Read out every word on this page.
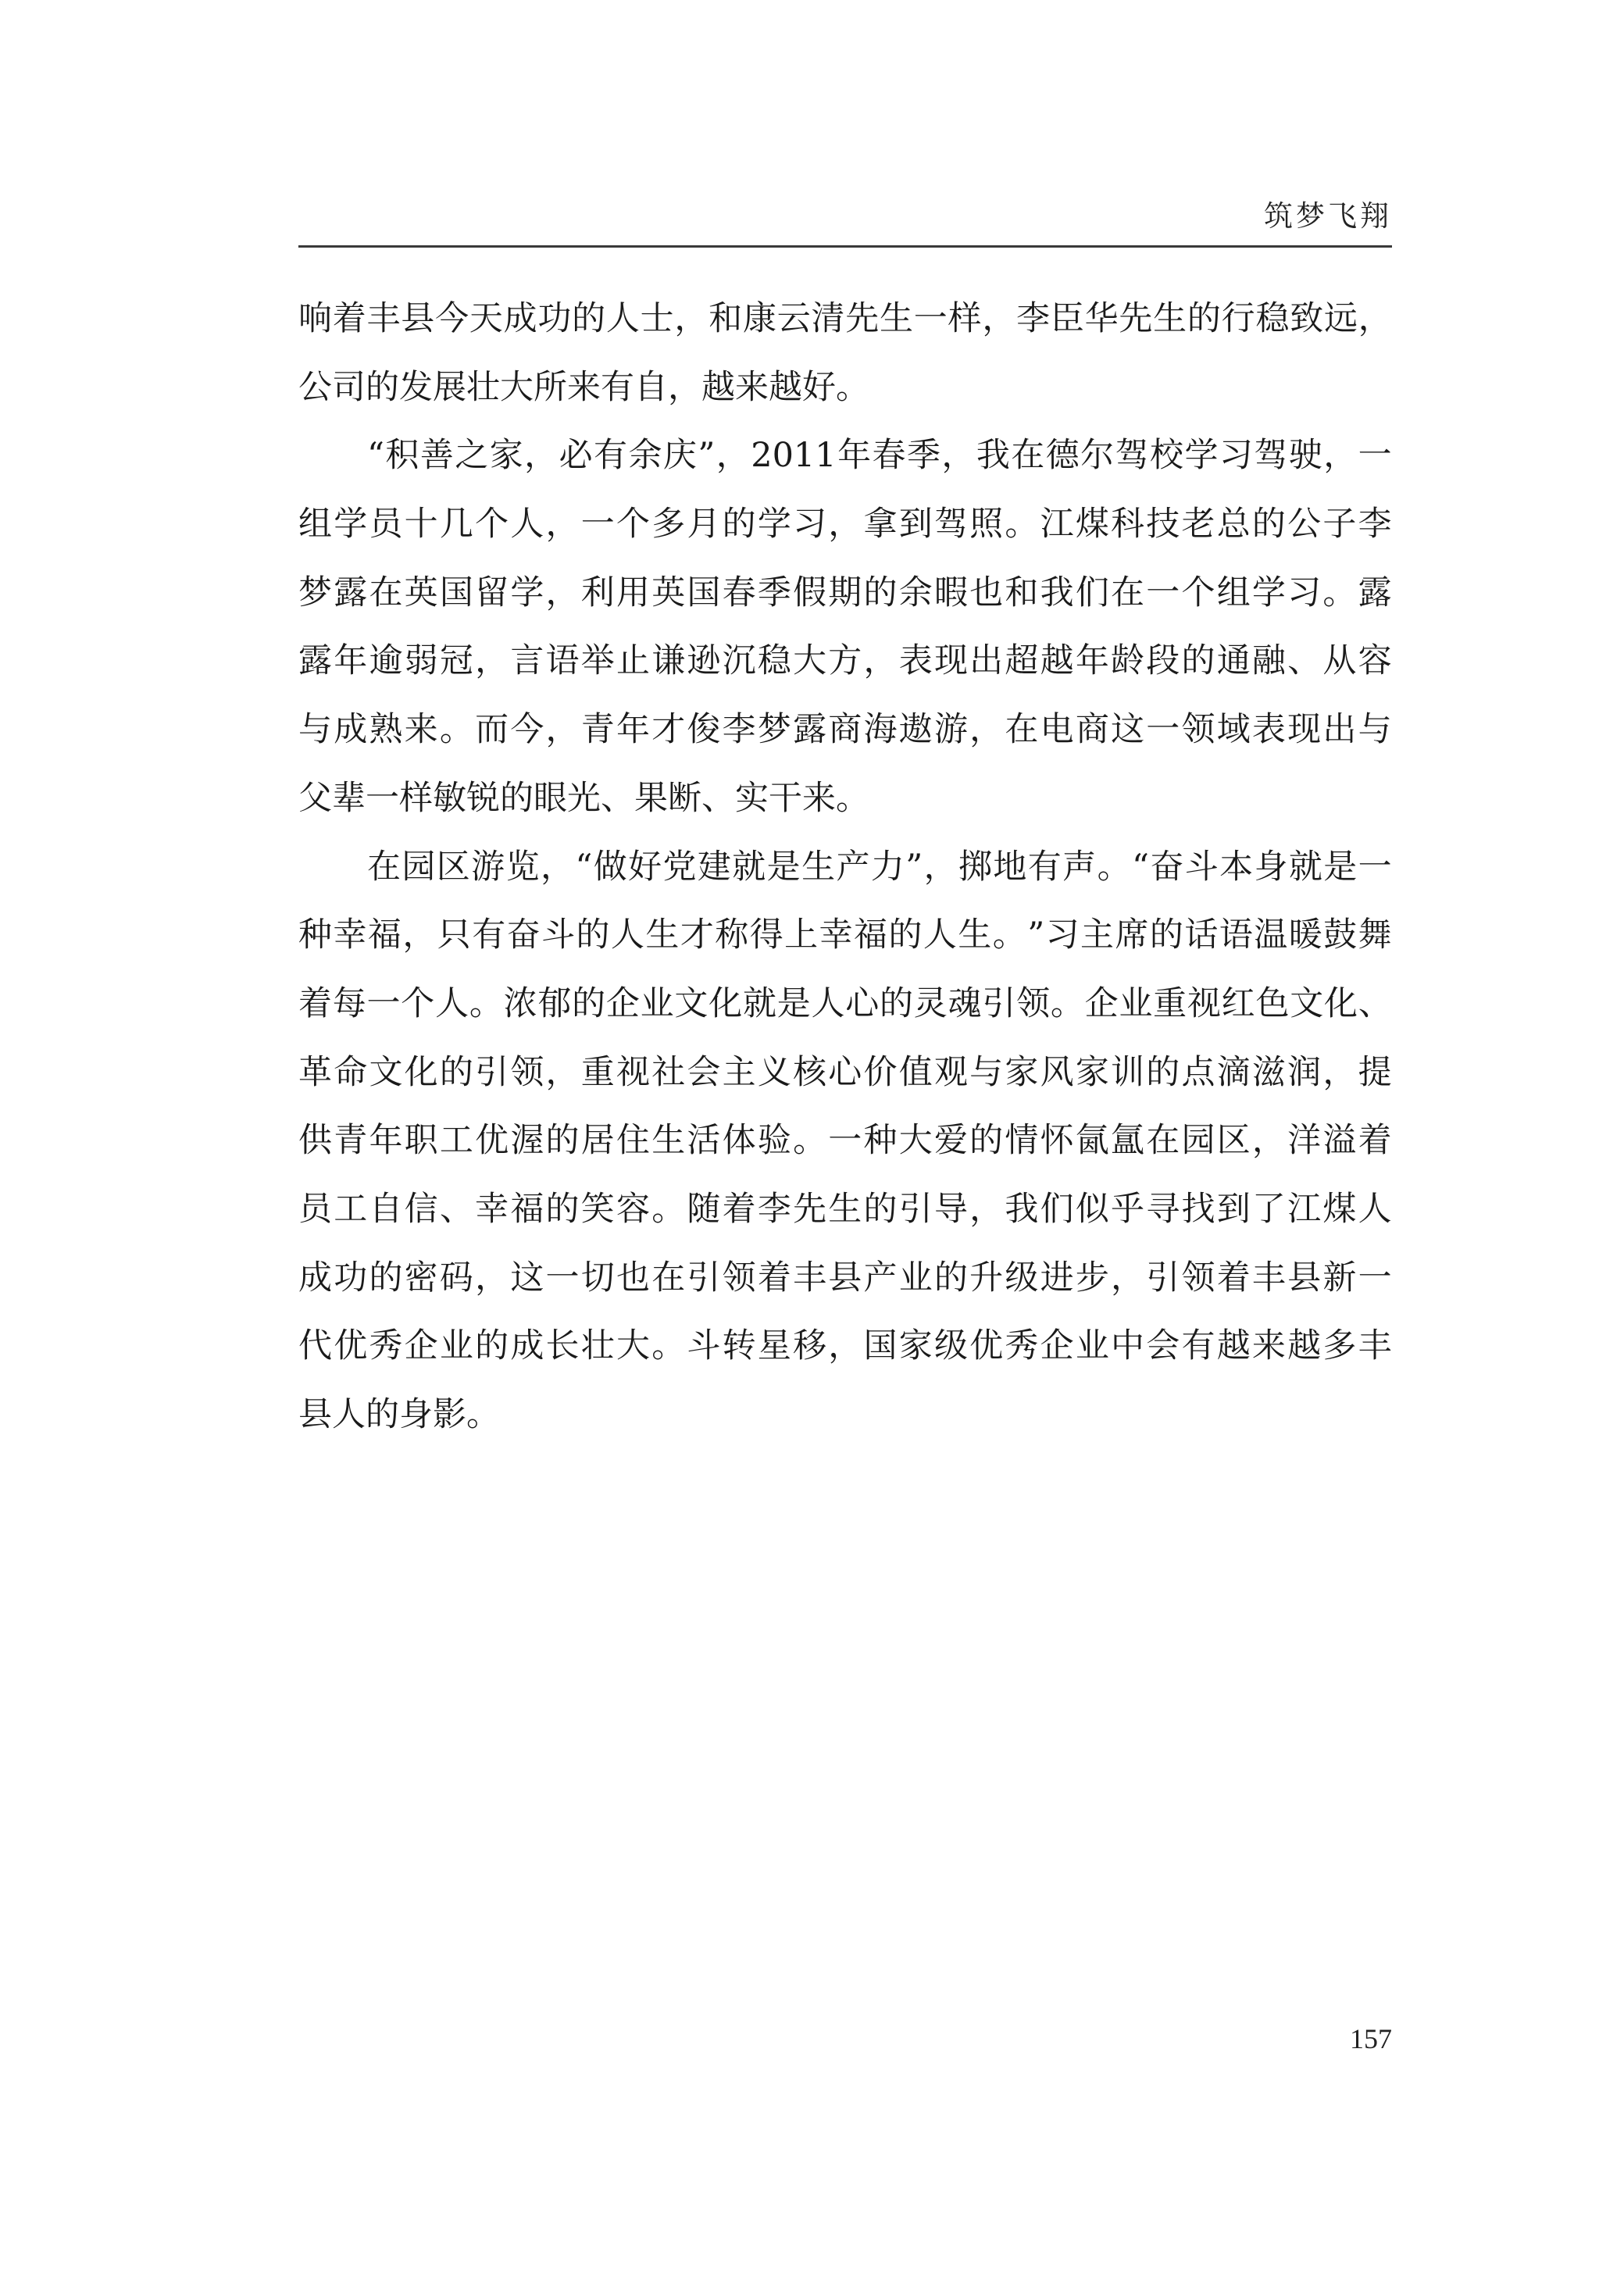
筑梦飞翔
响 着 丰 县 今 天 成 功 的 人 士 ， 和 康 云 清 先 生 一 样 ， 李 臣 华 先 生 的 行 稳 致 远 ，
公司的发展壮大所来有自，越来越好。
“ 积 善 之 家 ， 必 有 余 庆 ” ， 2011 年 春 季 ， 我 在 德 尔 驾 校 学 习 驾 驶 ， 一
组 学 员 十 几 个 人 ， 一 个 多 月 的 学 习 ， 拿 到 驾 照 。 江 煤 科 技 老 总 的 公 子 李
梦 露 在 英 国 留 学 ， 利 用 英 国 春 季 假 期 的 余 暇 也 和 我 们 在 一 个 组 学 习 。 露
露 年 逾 弱 冠 ， 言 语 举 止 谦 逊 沉 稳 大 方 ， 表 现 出 超 越 年 龄 段 的 通 融 、 从 容
与 成 熟 来 。 而 今 ， 青 年 才 俊 李 梦 露 商 海 遨 游 ， 在 电 商 这 一 领 域 表 现 出 与
父辈一样敏锐的眼光、果断、实干来。
在 园 区 游 览 ， “ 做 好 党 建 就 是 生 产 力 ” ， 掷 地 有 声 。 “ 奋 斗 本 身 就 是 一
种 幸 福 ， 只 有 奋 斗 的 人 生 才 称 得 上 幸 福 的 人 生 。 ” 习 主 席 的 话 语 温 暖 鼓 舞
着 每 一 个 人 。 浓 郁 的 企 业 文 化 就 是 人 心 的 灵 魂 引 领 。 企 业 重 视 红 色 文 化 、
革 命 文 化 的 引 领 ， 重 视 社 会 主 义 核 心 价 值 观 与 家 风 家 训 的 点 滴 滋 润 ， 提
供 青 年 职 工 优 渥 的 居 住 生 活 体 验 。 一 种 大 爱 的 情 怀 氤 氲 在 园 区 ， 洋 溢 着
员 工 自 信 、 幸 福 的 笑 容 。 随 着 李 先 生 的 引 导 ， 我 们 似 乎 寻 找 到 了 江 煤 人
成 功 的 密 码 ， 这 一 切 也 在 引 领 着 丰 县 产 业 的 升 级 进 步 ， 引 领 着 丰 县 新 一
代 优 秀 企 业 的 成 长 壮 大 。 斗 转 星 移 ， 国 家 级 优 秀 企 业 中 会 有 越 来 越 多 丰
县人的身影。
157
